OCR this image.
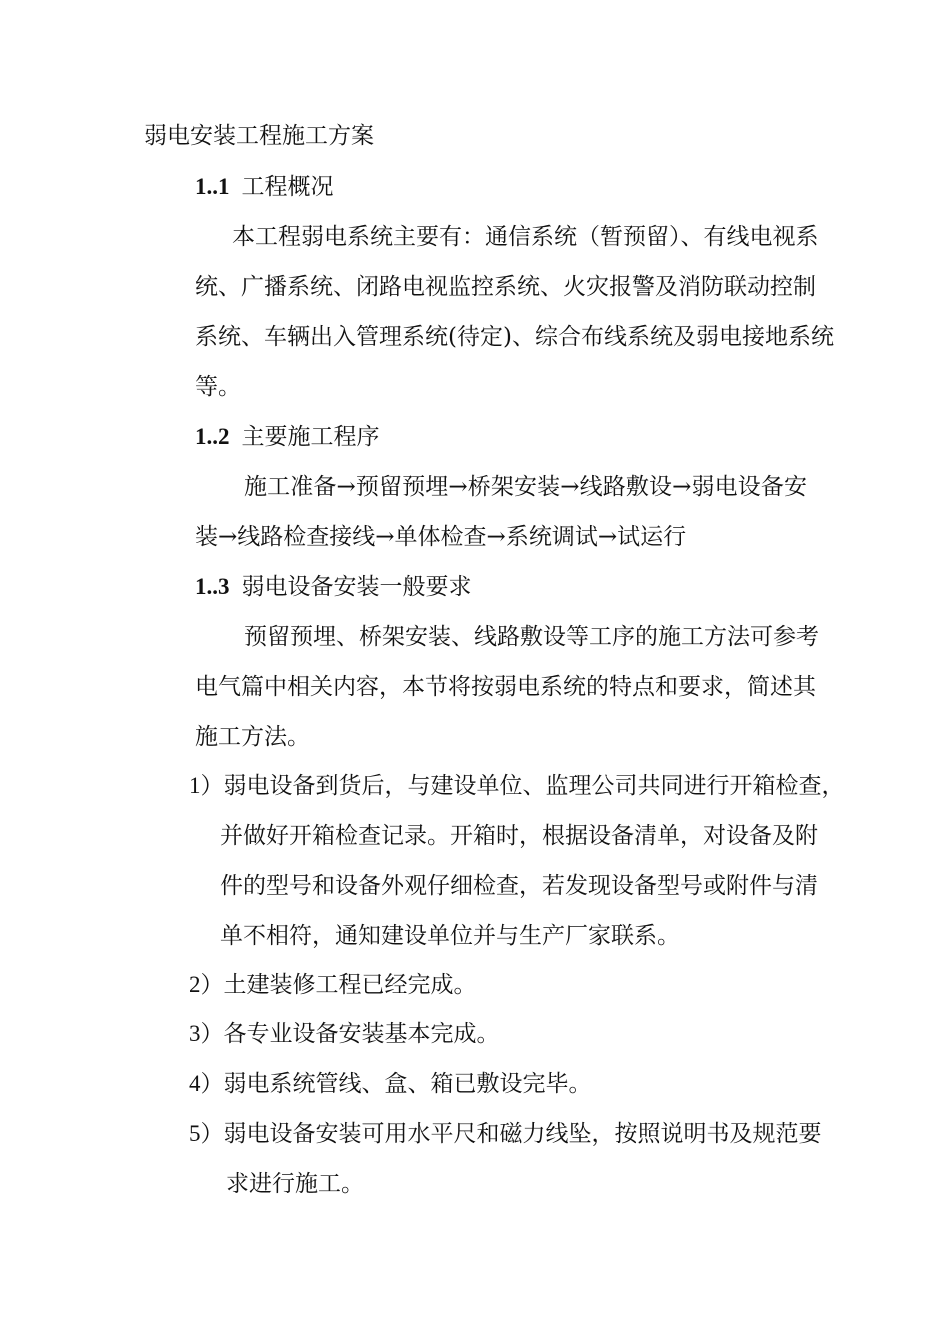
弱电安装工程施工方案
1..1 工程概况
本工程弱电系统主要有：通信系统（暂预留）、有线电视系
统、广播系统、闭路电视监控系统、火灾报警及消防联动控制
系统、车辆出入管理系统(待定)、综合布线系统及弱电接地系统
等。
1..2 主要施工程序
施工准备→预留预埋→桥架安装→线路敷设→弱电设备安
装→线路检查接线→单体检查→系统调试→试运行
1..3 弱电设备安装一般要求
预留预埋、桥架安装、线路敷设等工序的施工方法可参考
电气篇中相关内容，本节将按弱电系统的特点和要求，简述其
施工方法。
1）弱电设备到货后，与建设单位、监理公司共同进行开箱检查，
并做好开箱检查记录。开箱时，根据设备清单，对设备及附
件的型号和设备外观仔细检查，若发现设备型号或附件与清
单不相符，通知建设单位并与生产厂家联系。
2）土建装修工程已经完成。
3）各专业设备安装基本完成。
4）弱电系统管线、盒、箱已敷设完毕。
5）弱电设备安装可用水平尺和磁力线坠，按照说明书及规范要
求进行施工。
